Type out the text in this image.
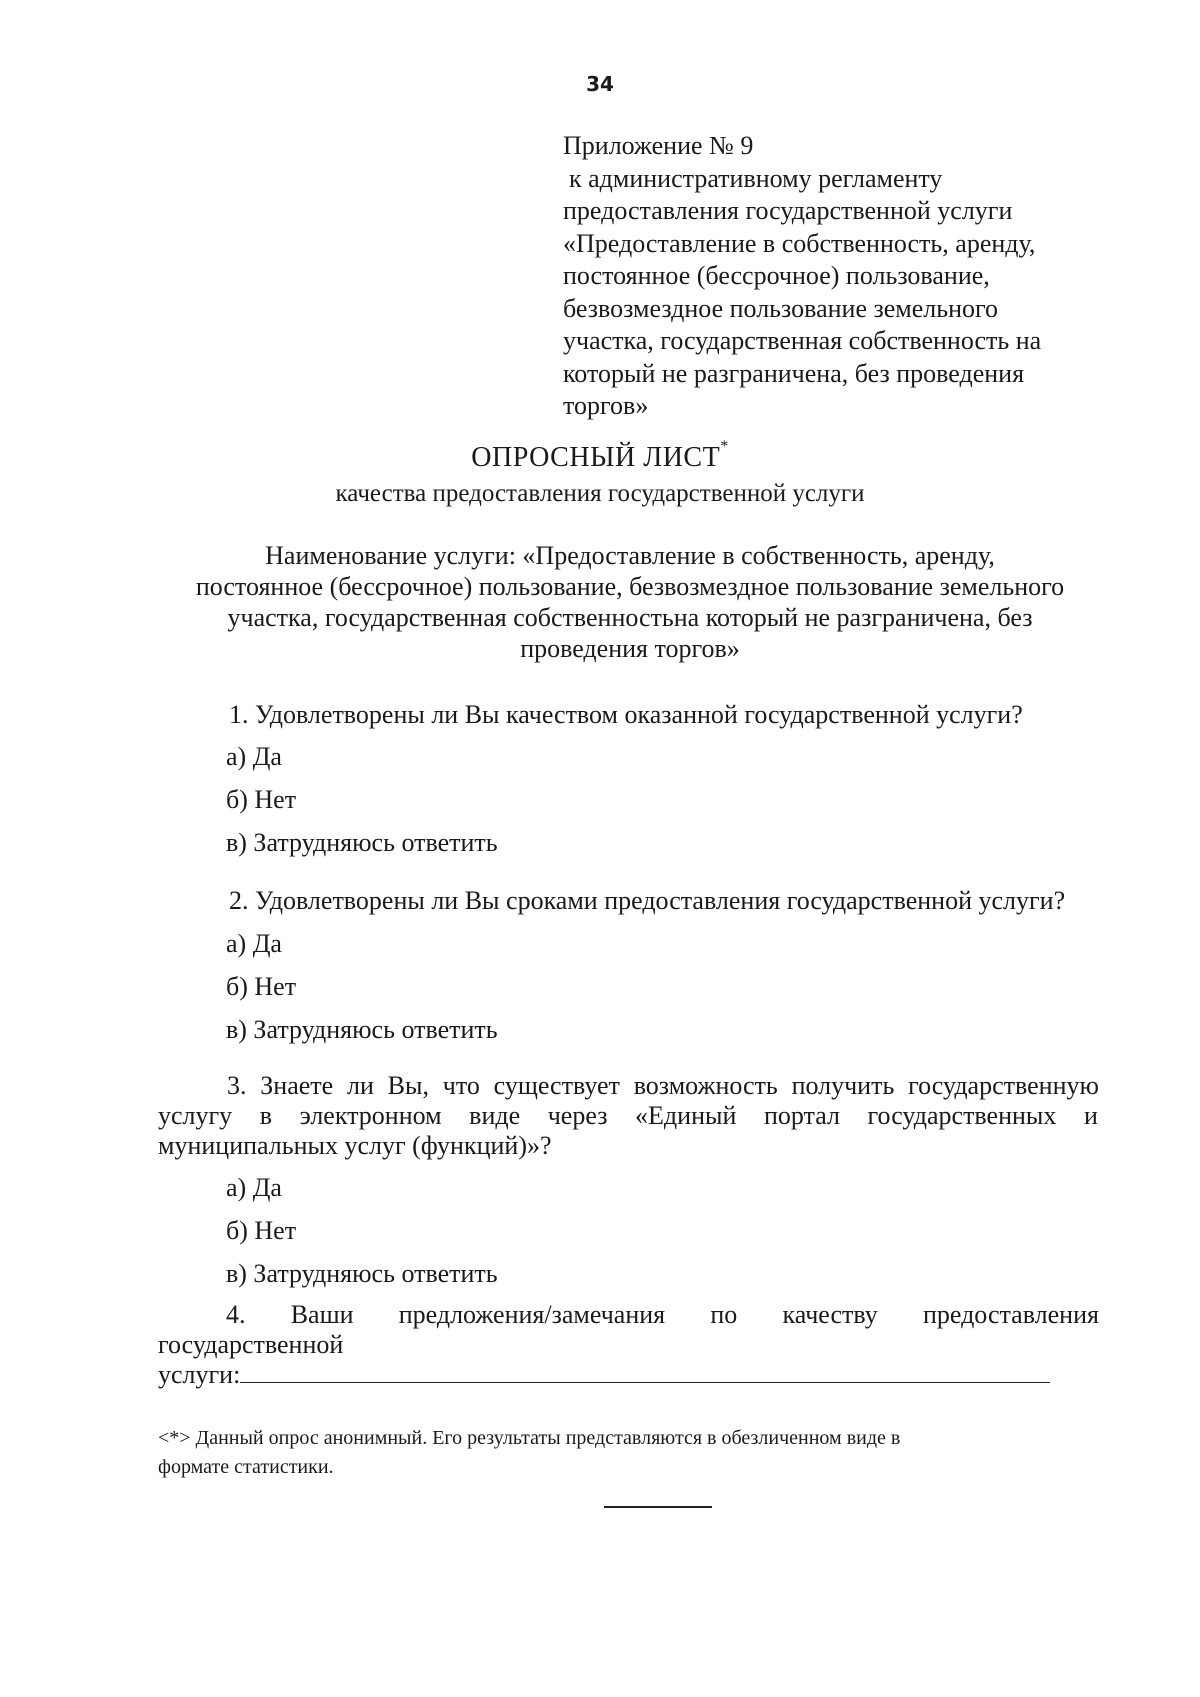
34
Приложение № 9
к административному регламенту
предоставления государственной услуги
«Предоставление в собственность, аренду,
постоянное (бессрочное) пользование,
безвозмездное пользование земельного
участка, государственная собственность на
который не разграничена, без проведения
торгов»
ОПРОСНЫЙ ЛИСТ*
качества предоставления государственной услуги
Наименование услуги: «Предоставление в собственность, аренду,
постоянное (бессрочное) пользование, безвозмездное пользование земельного
участка, государственная собственностьна который не разграничена, без
проведения торгов»
1. Удовлетворены ли Вы качеством оказанной государственной услуги?
а) Да
б) Нет
в) Затрудняюсь ответить
2. Удовлетворены ли Вы сроками предоставления государственной услуги?
а) Да
б) Нет
в) Затрудняюсь ответить
3. Знаете ли Вы, что существует возможность получить государственную
услугу в электронном виде через «Единый портал государственных и
муниципальных услуг (функций)»?
а) Да
б) Нет
в) Затрудняюсь ответить
4. Ваши предложения/замечания по качеству предоставления
государственной
услуги:
<*> Данный опрос анонимный. Его результаты представляются в обезличенном виде в
формате статистики.
